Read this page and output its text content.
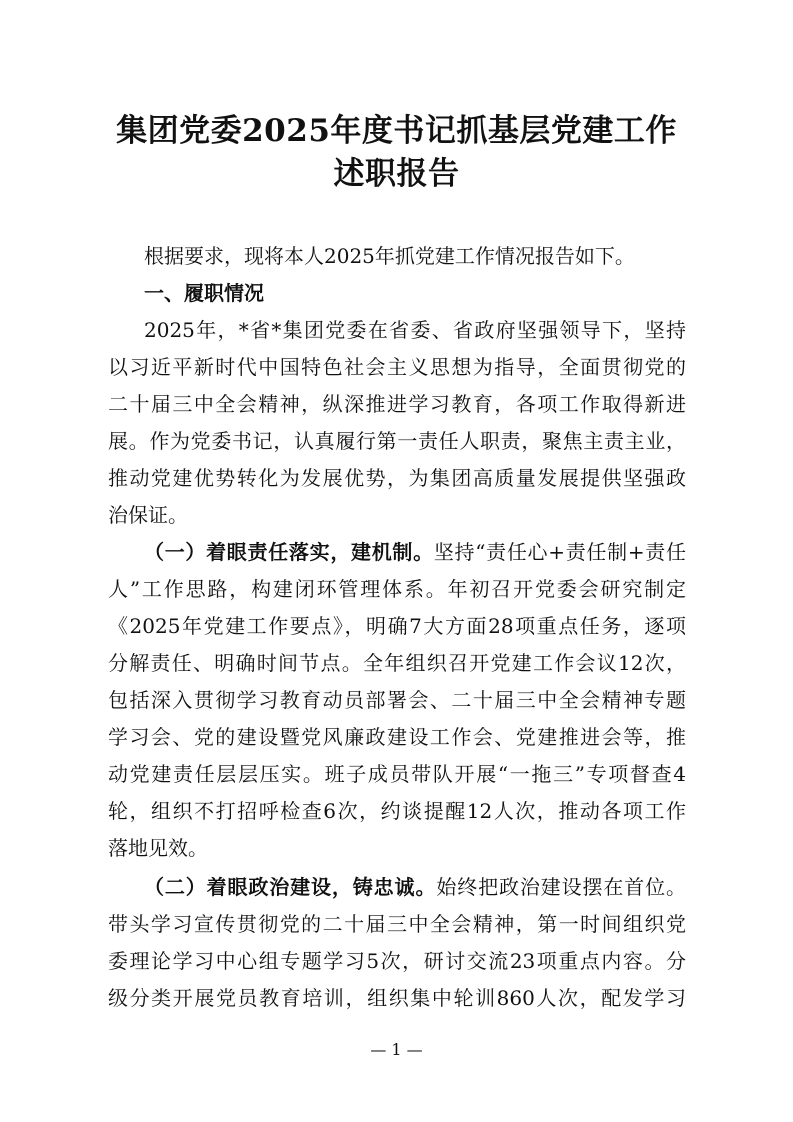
集团党委2025年度书记抓基层党建工作
述职报告
根据要求，现将本人2025年抓党建工作情况报告如下。
一、履职情况
2025年，*省*集团党委在省委、省政府坚强领导下，坚持
以习近平新时代中国特色社会主义思想为指导，全面贯彻党的
二十届三中全会精神，纵深推进学习教育，各项工作取得新进
展。作为党委书记，认真履行第一责任人职责，聚焦主责主业，
推动党建优势转化为发展优势，为集团高质量发展提供坚强政
治保证。
（一）着眼责任落实，建机制。坚持“责任心+责任制+责任
人”工作思路，构建闭环管理体系。年初召开党委会研究制定
《2025年党建工作要点》，明确7大方面28项重点任务，逐项
分解责任、明确时间节点。全年组织召开党建工作会议12次，
包括深入贯彻学习教育动员部署会、二十届三中全会精神专题
学习会、党的建设暨党风廉政建设工作会、党建推进会等，推
动党建责任层层压实。班子成员带队开展“一拖三”专项督查4
轮，组织不打招呼检查6次，约谈提醒12人次，推动各项工作
落地见效。
（二）着眼政治建设，铸忠诚。始终把政治建设摆在首位。
带头学习宣传贯彻党的二十届三中全会精神，第一时间组织党
委理论学习中心组专题学习5次，研讨交流23项重点内容。分
级分类开展党员教育培训，组织集中轮训860人次，配发学习
— 1 —
